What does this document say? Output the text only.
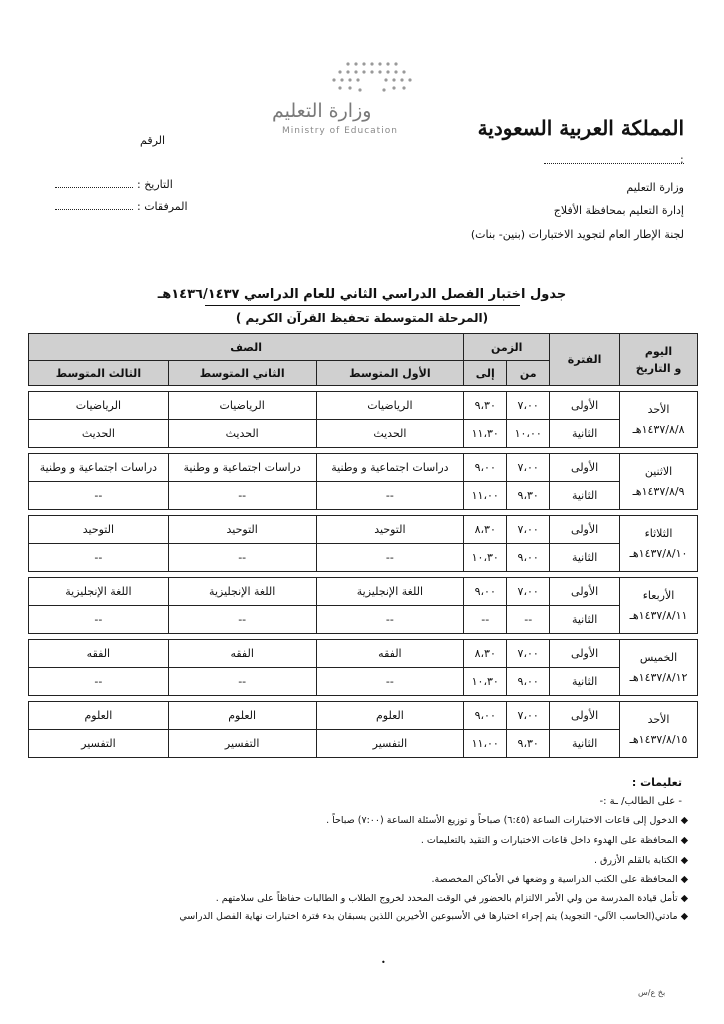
وزارة التعليم
Ministry of Education	المملكة العربية السعودية
:
الرقم
التاريخ :
المرفقات :
وزارة التعليم
إدارة التعليم بمحافظة الأفلاج
لجنة الإطار العام لتجويد الاختبارات (بنين- بنات)
جدول اختبار الفصل الدراسي الثاني للعام الدراسي ١٤٣٦/١٤٣٧هـ
(المرحلة المتوسطة تحفيظ القرآن الكريم )
اليوم
و التاريخ	الفترة	الزمن		الصف		
		من	إلى	الأول المتوسط	الثاني المتوسط	الثالث المتوسط

الأحد
١٤٣٧/٨/٨هـ	الأولى	٧،٠٠	٩،٣٠	الرياضيات	الرياضيات	الرياضيات
	الثانية	١٠،٠٠	١١،٣٠	الحديث	الحديث	الحديث

الاثنين
١٤٣٧/٨/٩هـ	الأولى	٧،٠٠	٩،٠٠	دراسات اجتماعية و وطنية	دراسات اجتماعية و وطنية	دراسات اجتماعية و وطنية
	الثانية	٩،٣٠	١١،٠٠	--	--	--

الثلاثاء
١٤٣٧/٨/١٠هـ	الأولى	٧،٠٠	٨،٣٠	التوحيد	التوحيد	التوحيد
	الثانية	٩،٠٠	١٠،٣٠	--	--	--

الأربعاء
١٤٣٧/٨/١١هـ	الأولى	٧،٠٠	٩،٠٠	اللغة الإنجليزية	اللغة الإنجليزية	اللغة الإنجليزية
	الثانية	--	--	--	--	--

الخميس
١٤٣٧/٨/١٢هـ	الأولى	٧،٠٠	٨،٣٠	الفقه	الفقه	الفقه
	الثانية	٩،٠٠	١٠،٣٠	--	--	--

الأحد
١٤٣٧/٨/١٥هـ	الأولى	٧،٠٠	٩،٠٠	العلوم	العلوم	العلوم
	الثانية	٩،٣٠	١١،٠٠	التفسير	التفسير	التفسير
تعليمات :
- على الطالب/ ـة :-
◆ الدخول إلى قاعات الاختبارات الساعة (٦:٤٥) صباحاً و توزيع الأسئلة الساعة (٧:٠٠) صباحاً .
◆ المحافظة على الهدوء داخل قاعات الاختبارات و التقيد بالتعليمات .
◆ الكتابة بالقلم الأزرق .
◆ المحافظة على الكتب الدراسية و وضعها في الأماكن المخصصة.
◆ تأمل قيادة المدرسة من ولي الأمر الالتزام بالحضور في الوقت المحدد لخروج الطلاب و الطالبات حفاظاً على سلامتهم .
◆ مادتي(الحاسب الآلي- التجويد) يتم إجراء اختبارها في الأسبوعين الأخيرين اللذين يسبقان بدء فترة اختبارات نهاية الفصل الدراسي
•
بخ ع/س
